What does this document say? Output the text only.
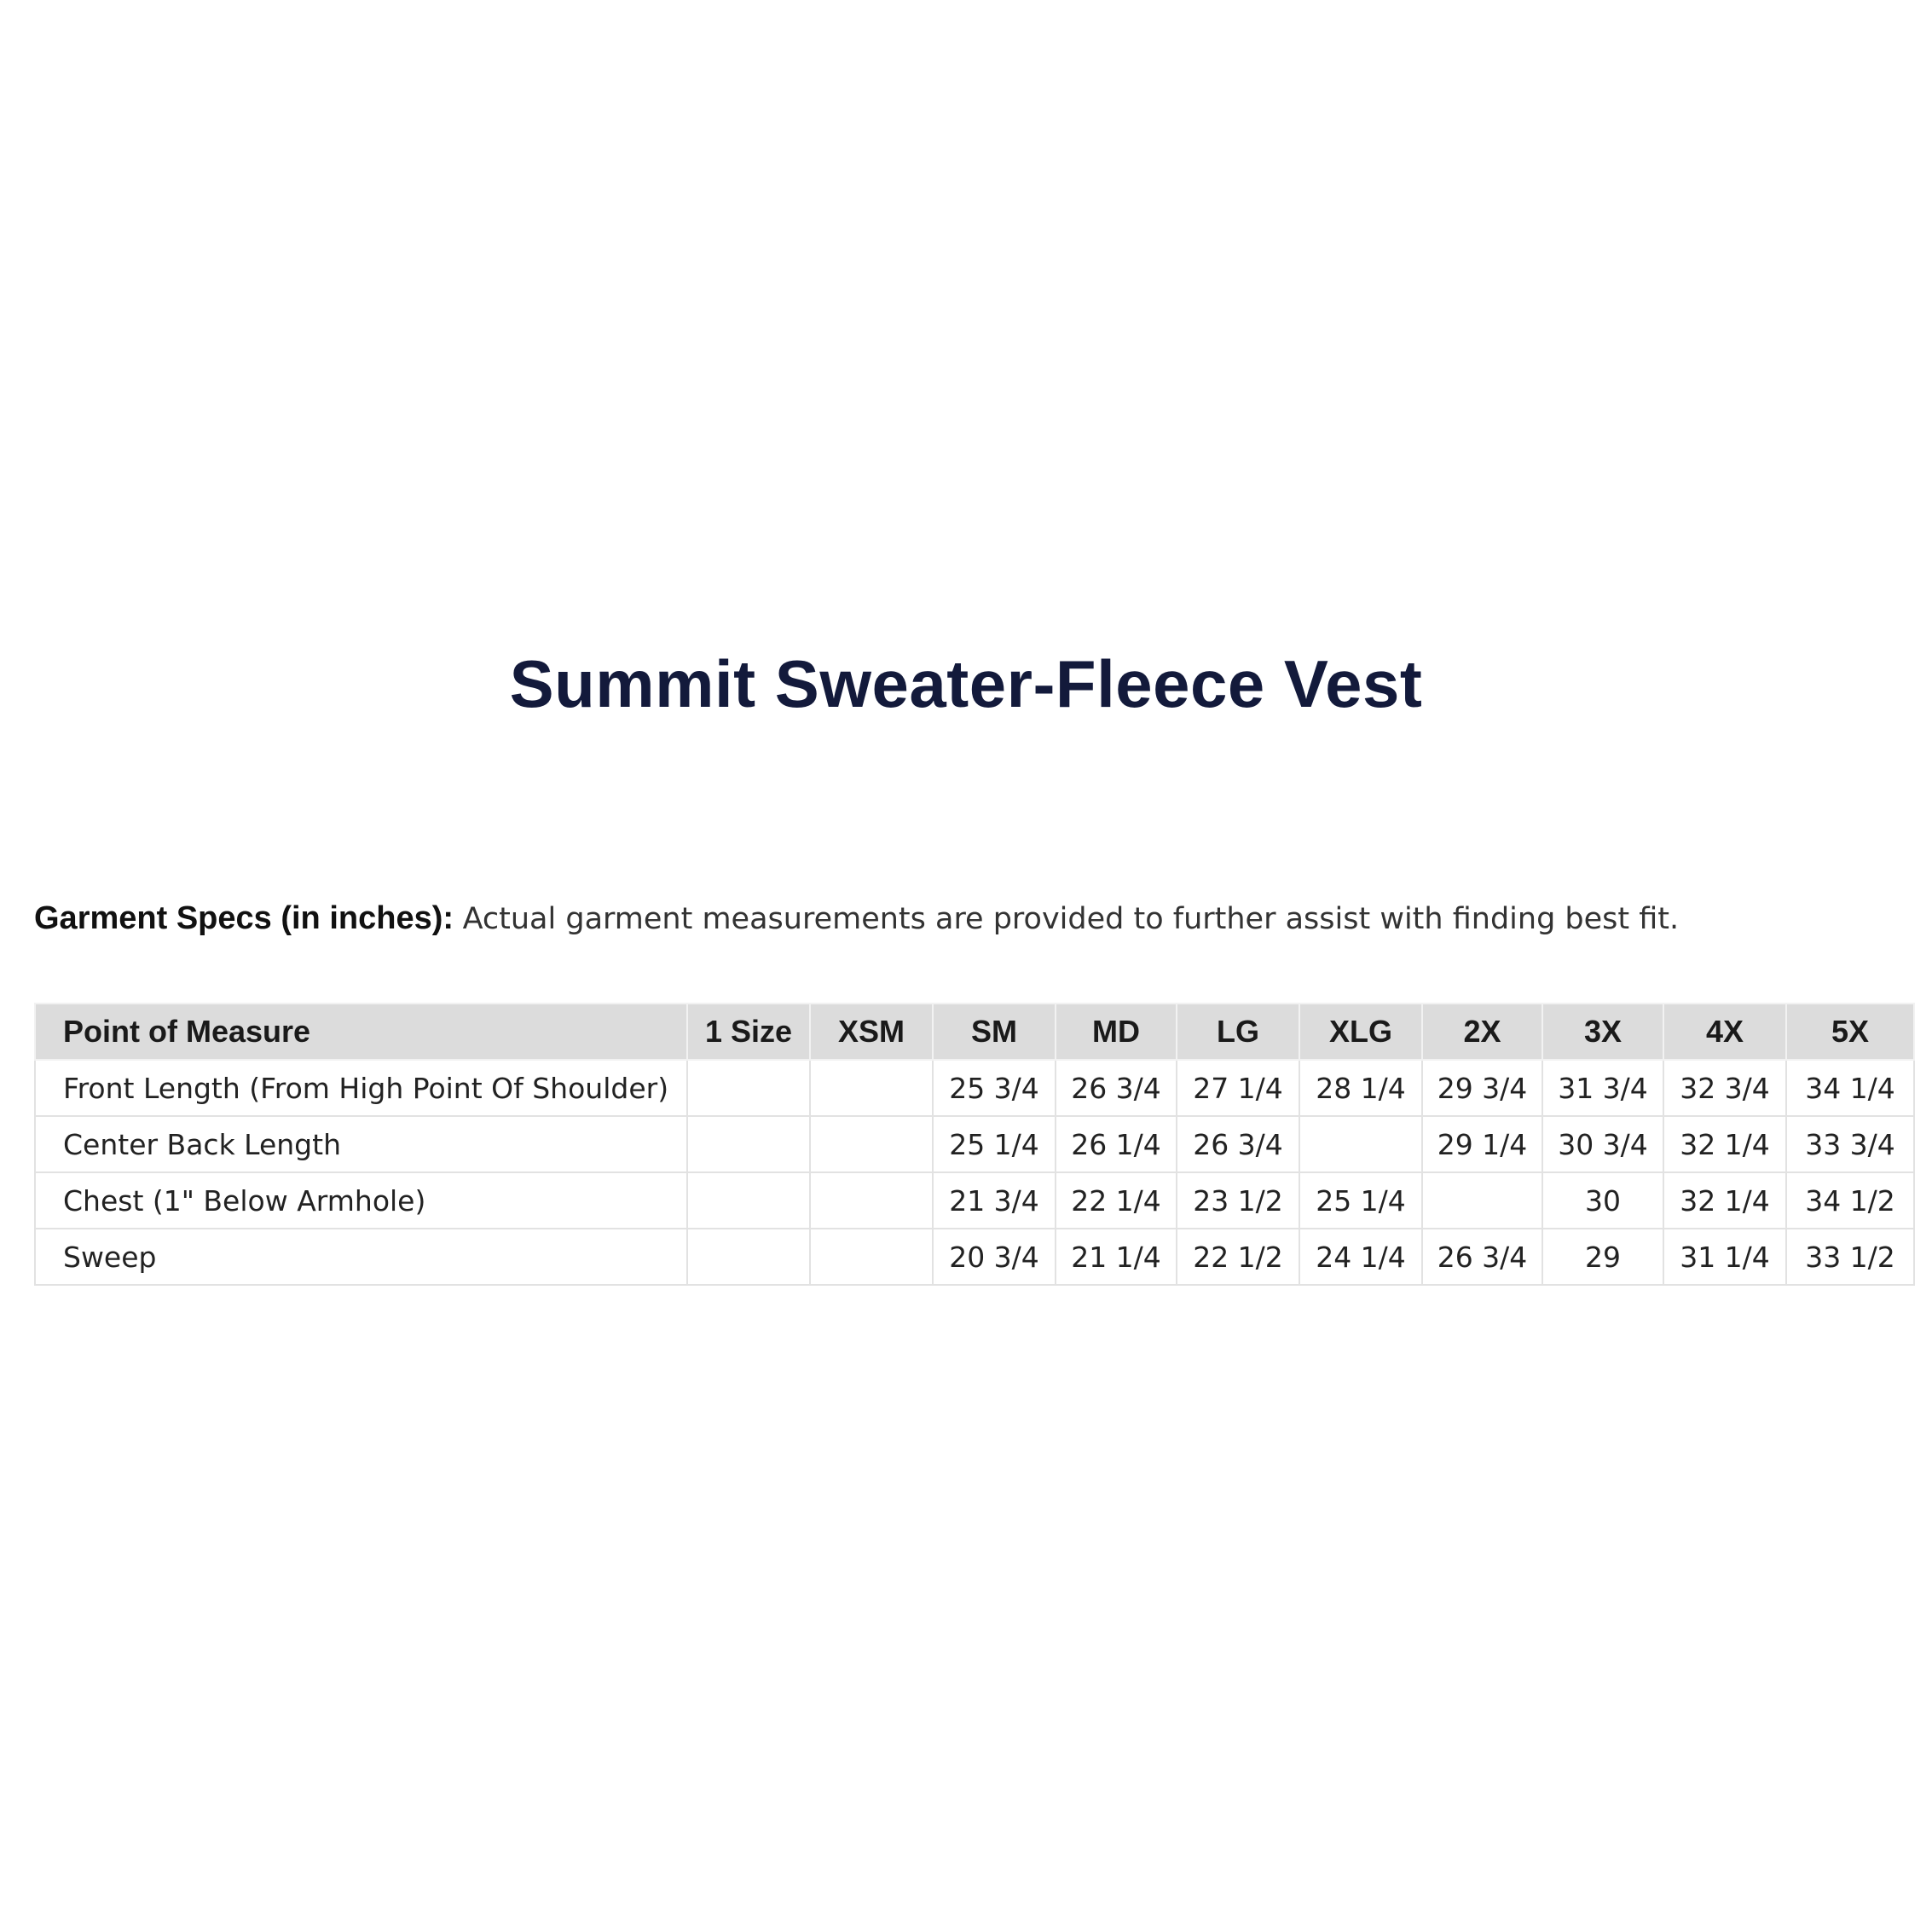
Summit Sweater-Fleece Vest
Garment Specs (in inches): Actual garment measurements are provided to further assist with finding best fit.
Point of Measure	1 Size	XSM	SM	MD	LG	XLG	2X	3X	4X	5X
Front Length (From High Point Of Shoulder)			25 3/4	26 3/4	27 1/4	28 1/4	29 3/4	31 3/4	32 3/4	34 1/4
Center Back Length			25 1/4	26 1/4	26 3/4		29 1/4	30 3/4	32 1/4	33 3/4
Chest (1" Below Armhole)			21 3/4	22 1/4	23 1/2	25 1/4		30	32 1/4	34 1/2
Sweep			20 3/4	21 1/4	22 1/2	24 1/4	26 3/4	29	31 1/4	33 1/2
